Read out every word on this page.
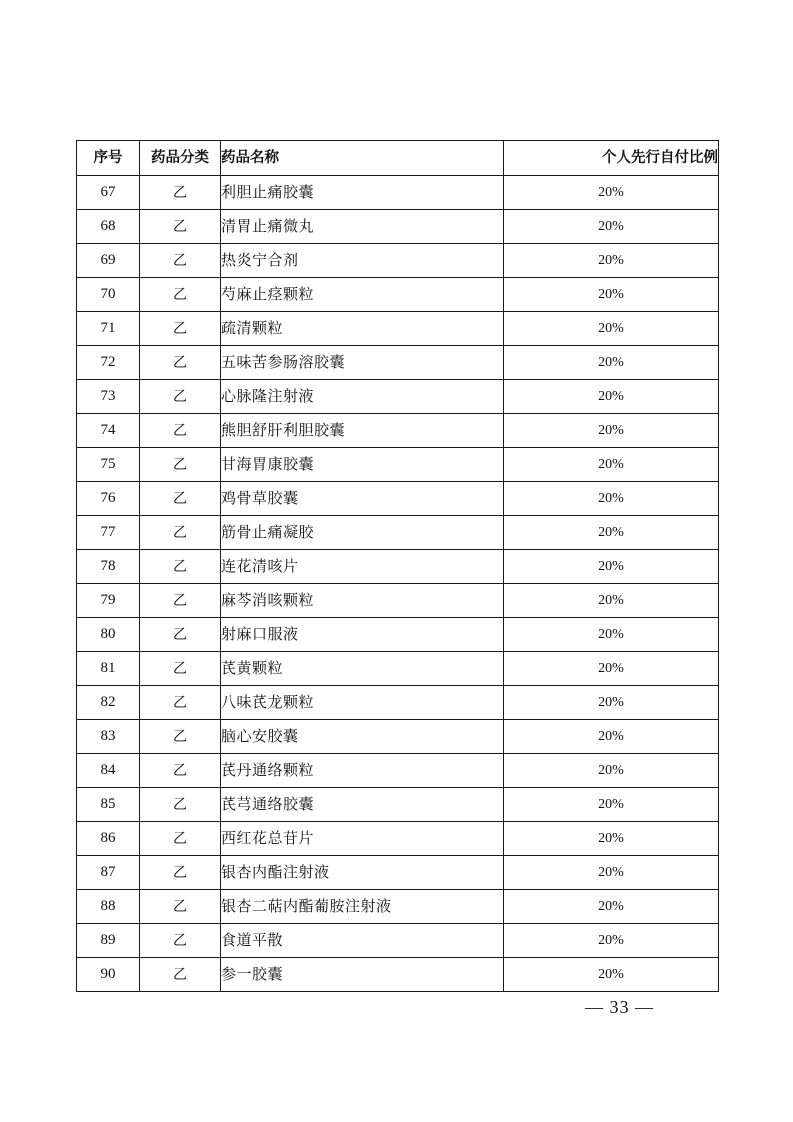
序号	药品分类	药品名称	个人先行自付比例
67	乙	利胆止痛胶囊	20%
68	乙	清胃止痛微丸	20%
69	乙	热炎宁合剂	20%
70	乙	芍麻止痉颗粒	20%
71	乙	疏清颗粒	20%
72	乙	五味苦参肠溶胶囊	20%
73	乙	心脉隆注射液	20%
74	乙	熊胆舒肝利胆胶囊	20%
75	乙	甘海胃康胶囊	20%
76	乙	鸡骨草胶囊	20%
77	乙	筋骨止痛凝胶	20%
78	乙	连花清咳片	20%
79	乙	麻芩消咳颗粒	20%
80	乙	射麻口服液	20%
81	乙	芪黄颗粒	20%
82	乙	八味芪龙颗粒	20%
83	乙	脑心安胶囊	20%
84	乙	芪丹通络颗粒	20%
85	乙	芪芎通络胶囊	20%
86	乙	西红花总苷片	20%
87	乙	银杏内酯注射液	20%
88	乙	银杏二萜内酯葡胺注射液	20%
89	乙	食道平散	20%
90	乙	参一胶囊	20%
— 33 —
